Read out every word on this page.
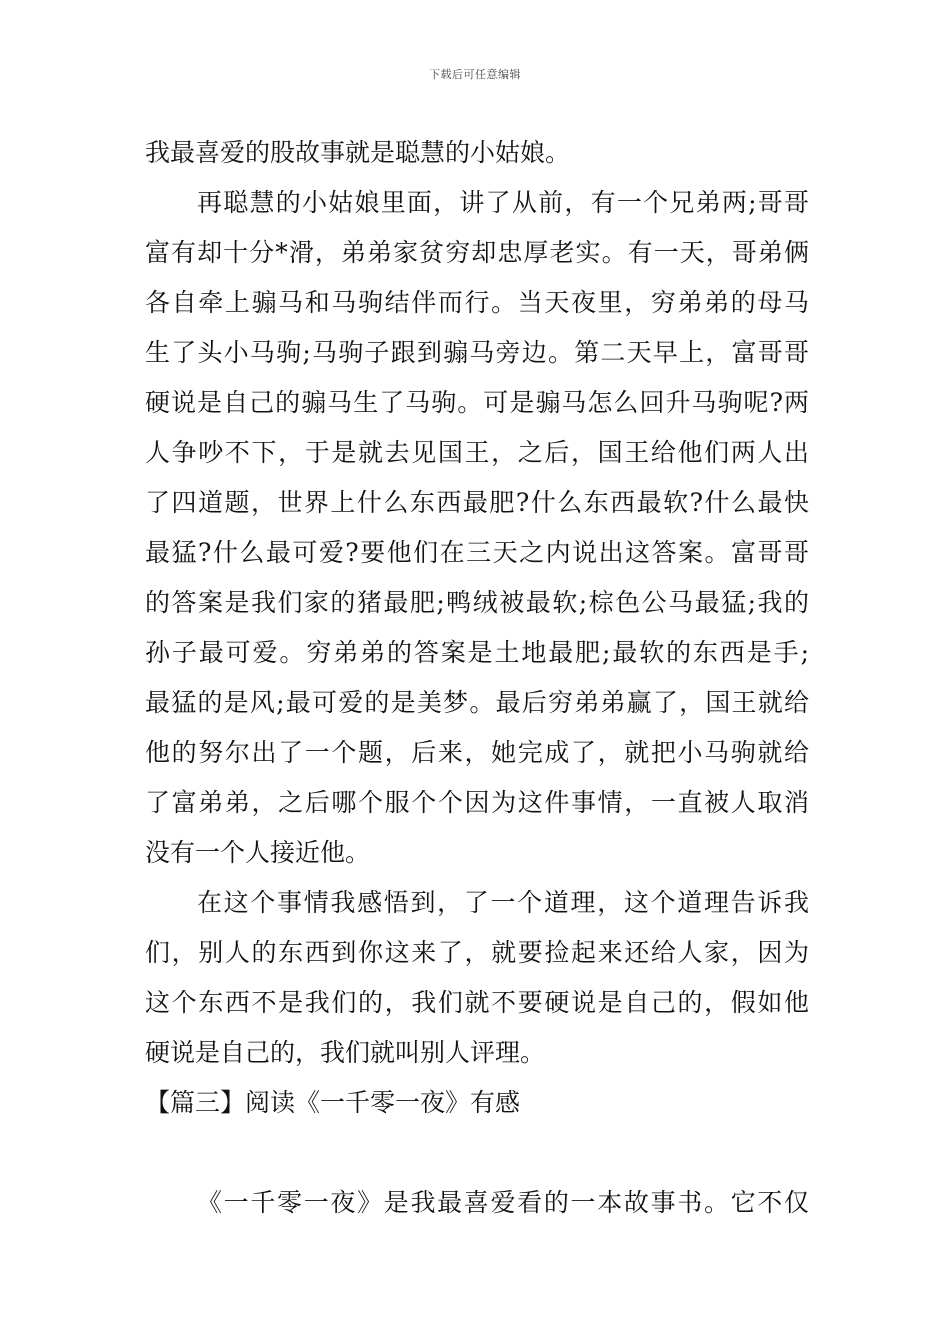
下载后可任意编辑
我最喜爱的股故事就是聪慧的小姑娘。
再聪慧的小姑娘里面，讲了从前，有一个兄弟两;哥哥
富有却十分*滑，弟弟家贫穷却忠厚老实。有一天，哥弟俩
各自牵上骟马和马驹结伴而行。当天夜里，穷弟弟的母马
生了头小马驹;马驹子跟到骟马旁边。第二天早上，富哥哥
硬说是自己的骟马生了马驹。可是骟马怎么回升马驹呢?两
人争吵不下，于是就去见国王，之后，国王给他们两人出
了四道题，世界上什么东西最肥?什么东西最软?什么最快
最猛?什么最可爱?要他们在三天之内说出这答案。富哥哥
的答案是我们家的猪最肥;鸭绒被最软;棕色公马最猛;我的
孙子最可爱。穷弟弟的答案是土地最肥;最软的东西是手;
最猛的是风;最可爱的是美梦。最后穷弟弟赢了，国王就给
他的努尔出了一个题，后来，她完成了，就把小马驹就给
了富弟弟，之后哪个服个个因为这件事情，一直被人取消
没有一个人接近他。
在这个事情我感悟到，了一个道理，这个道理告诉我
们，别人的东西到你这来了，就要捡起来还给人家，因为
这个东西不是我们的，我们就不要硬说是自己的，假如他
硬说是自己的，我们就叫别人评理。
【篇三】阅读《一千零一夜》有感
《一千零一夜》是我最喜爱看的一本故事书。它不仅
